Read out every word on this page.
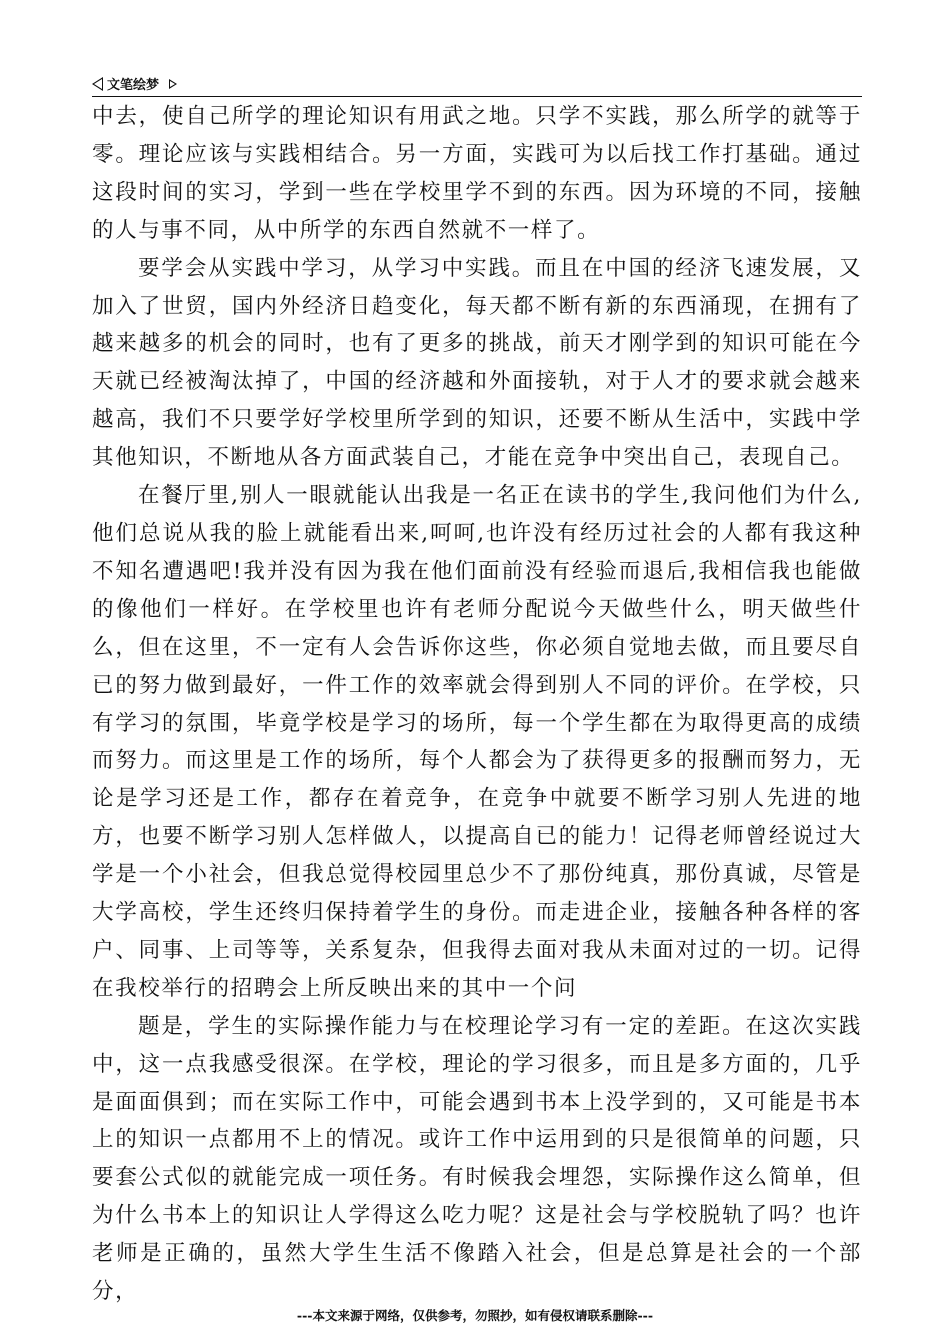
文笔绘梦

中去，使自己所学的理论知识有用武之地。只学不实践，那么所学的就等于零。理论应该与实践相结合。另一方面，实践可为以后找工作打基础。通过这段时间的实习，学到一些在学校里学不到的东西。因为环境的不同，接触的人与事不同，从中所学的东西自然就不一样了。

要学会从实践中学习，从学习中实践。而且在中国的经济飞速发展，又加入了世贸，国内外经济日趋变化，每天都不断有新的东西涌现，在拥有了越来越多的机会的同时，也有了更多的挑战，前天才刚学到的知识可能在今天就已经被淘汰掉了，中国的经济越和外面接轨，对于人才的要求就会越来越高，我们不只要学好学校里所学到的知识，还要不断从生活中，实践中学其他知识，不断地从各方面武装自己，才能在竞争中突出自己，表现自己。

在餐厅里,别人一眼就能认出我是一名正在读书的学生,我问他们为什么,他们总说从我的脸上就能看出来,呵呵,也许没有经历过社会的人都有我这种不知名遭遇吧!我并没有因为我在他们面前没有经验而退后,我相信我也能做的像他们一样好。在学校里也许有老师分配说今天做些什么，明天做些什么，但在这里，不一定有人会告诉你这些，你必须自觉地去做，而且要尽自已的努力做到最好，一件工作的效率就会得到别人不同的评价。在学校，只有学习的氛围，毕竟学校是学习的场所，每一个学生都在为取得更高的成绩而努力。而这里是工作的场所，每个人都会为了获得更多的报酬而努力，无论是学习还是工作，都存在着竞争，在竞争中就要不断学习别人先进的地方，也要不断学习别人怎样做人，以提高自已的能力！记得老师曾经说过大学是一个小社会，但我总觉得校园里总少不了那份纯真，那份真诚，尽管是大学高校，学生还终归保持着学生的身份。而走进企业，接触各种各样的客户、同事、上司等等，关系复杂，但我得去面对我从未面对过的一切。记得在我校举行的招聘会上所反映出来的其中一个问

题是，学生的实际操作能力与在校理论学习有一定的差距。在这次实践中，这一点我感受很深。在学校，理论的学习很多，而且是多方面的，几乎是面面俱到；而在实际工作中，可能会遇到书本上没学到的，又可能是书本上的知识一点都用不上的情况。或许工作中运用到的只是很简单的问题，只要套公式似的就能完成一项任务。有时候我会埋怨，实际操作这么简单，但为什么书本上的知识让人学得这么吃力呢？这是社会与学校脱轨了吗？也许老师是正确的，虽然大学生生活不像踏入社会，但是总算是社会的一个部分，

---本文来源于网络，仅供参考，勿照抄，如有侵权请联系删除---
